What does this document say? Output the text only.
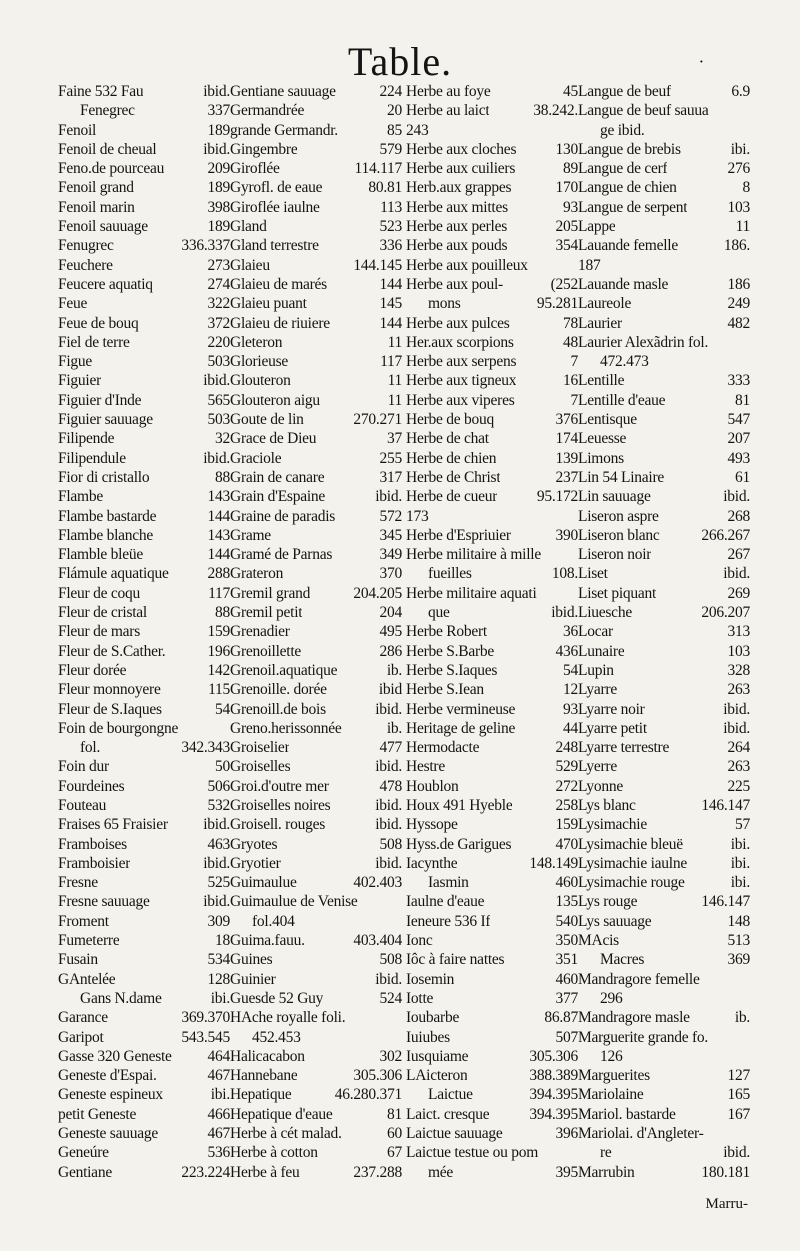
Table.	·
Faine 532 Fau	ibid.
Fenegrec	337
Fenoil	189
Fenoil de cheual	ibid.
Feno.de pourceau	209
Fenoil grand	189
Fenoil marin	398
Fenoil sauuage	189
Fenugrec	336.337
Feuchere	273
Feucere aquatiq	274
Feue	322
Feue de bouq	372
Fiel de terre	220
Figue	503
Figuier	ibid.
Figuier d'Inde	565
Figuier sauuage	503
Filipende	32
Filipendule	ibid.
Fior di cristallo	88
Flambe	143
Flambe bastarde	144
Flambe blanche	143
Flamble bleüe	144
Flámule aquatique	288
Fleur de coqu	117
Fleur de cristal	88
Fleur de mars	159
Fleur de S.Cather.	196
Fleur dorée	142
Fleur monnoyere	115
Fleur de S.Iaques	54
Foin de bourgongne
fol.	342.343
Foin dur	50
Fourdeines	506
Fouteau	532
Fraises 65 Fraisier ibid.
Framboises	463
Framboisier	ibid.
Fresne	525
Fresne sauuage	ibid.
Froment	309
Fumeterre	18
Fusain	534
GAntelée	128
Gans N.dame	ibi.
Garance	369.370
Garipot	543.545
Gasse 320 Geneste 464
Geneste d'Espai.	467
Geneste espineux	ibi.
petit Geneste	466
Geneste sauuage	467
Geneúre	536
Gentiane	223.224
Gentiane sauuage	224
Germandrée	20
grande Germandr.	85
Gingembre	579
Giroflée	114.117
Gyrofl. de eaue	80.81
Giroflée iaulne	113
Gland	523
Gland terrestre	336
Glaieu	144.145
Glaieu de marés	144
Glaieu puant	145
Glaieu de riuiere	144
Gleteron	11
Glorieuse	117
Glouteron	11
Glouteron aigu	11
Goute de lin	270.271
Grace de Dieu	37
Graciole	255
Grain de canare	317
Grain d'Espaine	ibid.
Graine de paradis	572
Grame	345
Gramé de Parnas	349
Grateron	370
Gremil grand	204.205
Gremil petit	204
Grenadier	495
Grenoillette	286
Grenoil.aquatique	ib.
Grenoille. dorée	ibid
Grenoill.de bois	ibid.
Greno.herissonnée	ib.
Groiselier	477
Groiselles	ibid.
Groi.d'outre mer	478
Groiselles noires	ibid.
Groisell. rouges	ibid.
Gryotes	508
Gryotier	ibid.
Guimaulue	402.403
Guimaulue de Venise
fol.404
Guima.fauu.	403.404
Guines	508
Guinier	ibid.
Guesde 52 Guy	524
HAche royalle foli.
452.453
Halicacabon	302
Hannebane	305.306
Hepatique	46.280.371
Hepatique d'eaue	81
Herbe à cét malad.	60
Herbe à cotton	67
Herbe à feu	237.288
Herbe au foye	45
Herbe au laict	38.242.
243
Herbe aux cloches	130
Herbe aux cuiliers	89
Herb.aux grappes	170
Herbe aux mittes	93
Herbe aux perles	205
Herbe aux pouds	354
Herbe aux pouilleux
Herbe aux poul-	(252
mons	95.281
Herbe aux pulces	78
Her.aux scorpions	48
Herbe aux serpens	7
Herbe aux tigneux	16
Herbe aux viperes	7
Herbe de bouq	376
Herbe de chat	174
Herbe de chien	139
Herbe de Christ	237
Herbe de cueur	95.172
173
Herbe d'Espriuier	390
Herbe militaire à mille
fueilles	108.
Herbe militaire aquati
que	ibid.
Herbe Robert	36
Herbe S.Barbe	436
Herbe S.Iaques	54
Herbe S.Iean	12
Herbe vermineuse	93
Heritage de geline	44
Hermodacte	248
Hestre	529
Houblon	272
Houx 491 Hyeble	258
Hyssope	159
Hyss.de Garigues	470
Iacynthe	148.149
Iasmin	460
Iaulne d'eaue	135
Ieneure 536 If	540
Ionc	350
Iôc à faire nattes	351
Iosemin	460
Iotte	377
Ioubarbe	86.87
Iuiubes	507
Iusquiame	305.306
LAicteron	388.389
Laictue	394.395
Laict. cresque	394.395
Laictue sauuage	396
Laictue testue ou pom
mée	395
Langue de beuf	6.9
Langue de beuf sauua
ge ibid.
Langue de brebis	ibi.
Langue de cerf	276
Langue de chien	8
Langue de serpent	103
Lappe	11
Lauande femelle	186.
187
Lauande masle	186
Laureole	249
Laurier	482
Laurier Alexãdrin fol.
472.473
Lentille	333
Lentille d'eaue	81
Lentisque	547
Leuesse	207
Limons	493
Lin 54 Linaire	61
Lin sauuage	ibid.
Liseron aspre	268
Liseron blanc	266.267
Liseron noir	267
Liset	ibid.
Liset piquant	269
Liuesche	206.207
Locar	313
Lunaire	103
Lupin	328
Lyarre	263
Lyarre noir	ibid.
Lyarre petit	ibid.
Lyarre terrestre	264
Lyerre	263
Lyonne	225
Lys blanc	146.147
Lysimachie	57
Lysimachie bleuë	ibi.
Lysimachie iaulne	ibi.
Lysimachie rouge	ibi.
Lys rouge	146.147
Lys sauuage	148
MAcis	513
Macres	369
Mandragore femelle
296
Mandragore masle	ib.
Marguerite grande fo.
126
Marguerites	127
Mariolaine	165
Mariol. bastarde	167
Mariolai. d'Angleter-
re	ibid.
Marrubin	180.181
Marru-
